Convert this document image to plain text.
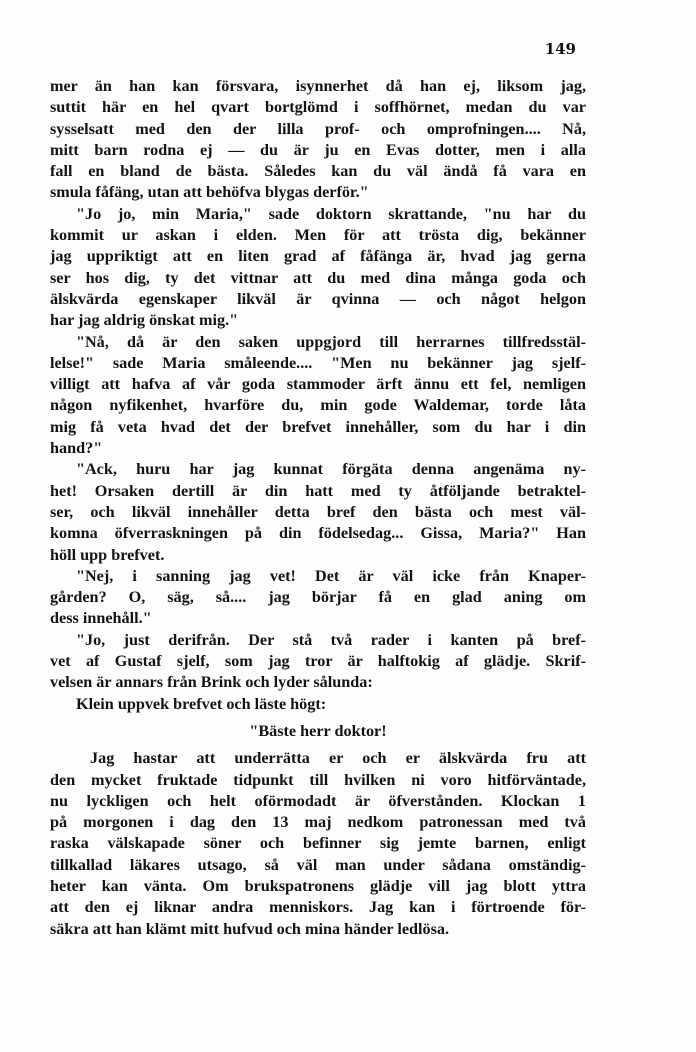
149
mer än han kan försvara, isynnerhet då han ej, liksom jag,
suttit här en hel qvart bortglömd i soffhörnet, medan du var
sysselsatt med den der lilla prof- och omprofningen.... Nå,
mitt barn rodna ej — du är ju en Evas dotter, men i alla
fall en bland de bästa. Således kan du väl ändå få vara en
smula fåfäng, utan att behöfva blygas derför."
"Jo jo, min Maria," sade doktorn skrattande, "nu har du
kommit ur askan i elden. Men för att trösta dig, bekänner
jag uppriktigt att en liten grad af fåfänga är, hvad jag gerna
ser hos dig, ty det vittnar att du med dina många goda och
älskvärda egenskaper likväl är qvinna — och något helgon
har jag aldrig önskat mig."
"Nå, då är den saken uppgjord till herrarnes tillfredsstäl-
lelse!" sade Maria småleende.... "Men nu bekänner jag sjelf-
villigt att hafva af vår goda stammoder ärft ännu ett fel, nemligen
någon nyfikenhet, hvarföre du, min gode Waldemar, torde låta
mig få veta hvad det der brefvet innehåller, som du har i din
hand?"
"Ack, huru har jag kunnat förgäta denna angenäma ny-
het! Orsaken dertill är din hatt med ty åtföljande betraktel-
ser, och likväl innehåller detta bref den bästa och mest väl-
komna öfverraskningen på din födelsedag... Gissa, Maria?" Han
höll upp brefvet.
"Nej, i sanning jag vet! Det är väl icke från Knaper-
gården? O, säg, så.... jag börjar få en glad aning om
dess innehåll."
"Jo, just derifrån. Der stå två rader i kanten på bref-
vet af Gustaf sjelf, som jag tror är halftokig af glädje. Skrif-
velsen är annars från Brink och lyder sålunda:
Klein uppvek brefvet och läste högt:
"Bäste herr doktor!
Jag hastar att underrätta er och er älskvärda fru att
den mycket fruktade tidpunkt till hvilken ni voro hitförväntade,
nu lyckligen och helt oförmodadt är öfverstånden. Klockan 1
på morgonen i dag den 13 maj nedkom patronessan med två
raska välskapade söner och befinner sig jemte barnen, enligt
tillkallad läkares utsago, så väl man under sådana omständig-
heter kan vänta. Om brukspatronens glädje vill jag blott yttra
att den ej liknar andra menniskors. Jag kan i förtroende för-
säkra att han klämt mitt hufvud och mina händer ledlösa.
